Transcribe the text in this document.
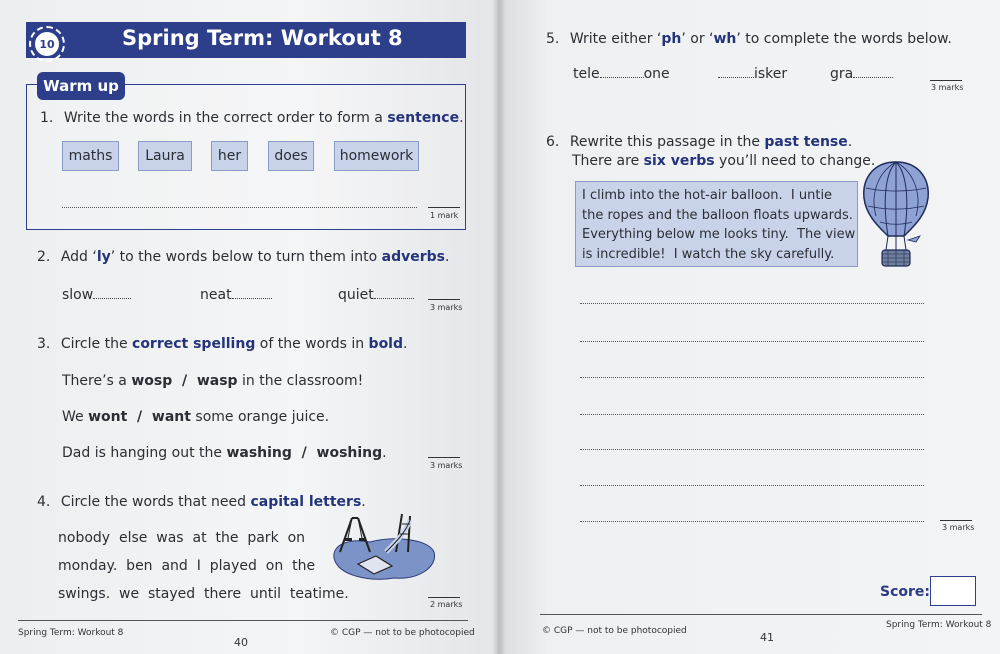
10	Spring Term: Workout 8
Warm up
1. Write the words in the correct order to form a sentence.
maths	Laura	her	does	homework
1 mark
2. Add ‘ly’ to the words below to turn them into adverbs.
slow	neat	quiet
3 marks
3. Circle the correct spelling of the words in bold.
There’s a wosp  /  wasp in the classroom!
We wont  /  want some orange juice.
Dad is hanging out the washing  /  woshing.
3 marks
4. Circle the words that need capital letters.
nobody  else  was  at  the  park  on
monday.  ben  and  I  played  on  the
swings.  we  stayed  there  until  teatime.
2 marks
Spring Term: Workout 8
40
© CGP — not to be photocopied
5. Write either ‘ph’ or ‘wh’ to complete the words below.
tele	one	isker	gra
3 marks
6. Rewrite this passage in the past tense.
There are six verbs you’ll need to change.
I climb into the hot-air balloon.  I untie
the ropes and the balloon floats upwards.
Everything below me looks tiny.  The view
is incredible!  I watch the sky carefully.
3 marks
Score:
© CGP — not to be photocopied	41
Spring Term: Workout 8
